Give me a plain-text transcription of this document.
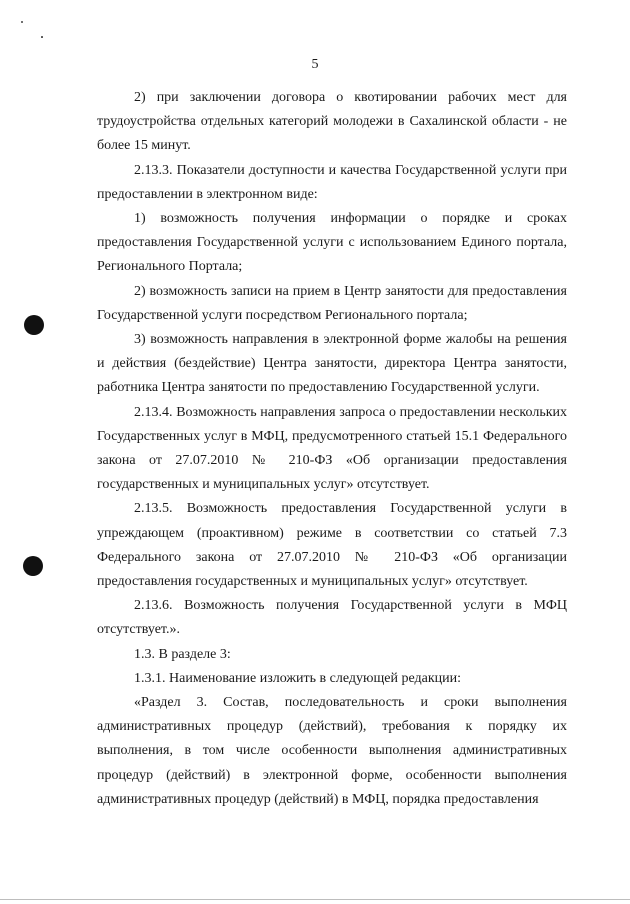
5

2) при заключении договора о квотировании рабочих мест для трудоустройства отдельных категорий молодежи в Сахалинской области - не более 15 минут.

2.13.3. Показатели доступности и качества Государственной услуги при предоставлении в электронном виде:

1) возможность получения информации о порядке и сроках предоставления Государственной услуги с использованием Единого портала, Регионального Портала;

2) возможность записи на прием в Центр занятости для предоставления Государственной услуги посредством Регионального портала;

3) возможность направления в электронной форме жалобы на решения и действия (бездействие) Центра занятости, директора Центра занятости, работника Центра занятости по предоставлению Государственной услуги.

2.13.4. Возможность направления запроса о предоставлении нескольких Государственных услуг в МФЦ, предусмотренного статьей 15.1 Федерального закона от 27.07.2010 № 210-ФЗ «Об организации предоставления государственных и муниципальных услуг» отсутствует.

2.13.5. Возможность предоставления Государственной услуги в упреждающем (проактивном) режиме в соответствии со статьей 7.3 Федерального закона от 27.07.2010 № 210-ФЗ «Об организации предоставления государственных и муниципальных услуг» отсутствует.

2.13.6. Возможность получения Государственной услуги в МФЦ отсутствует.».

1.3. В разделе 3:

1.3.1. Наименование изложить в следующей редакции:

«Раздел 3. Состав, последовательность и сроки выполнения административных процедур (действий), требования к порядку их выполнения, в том числе особенности выполнения административных процедур (действий) в электронной форме, особенности выполнения административных процедур (действий) в МФЦ, порядка предоставления
